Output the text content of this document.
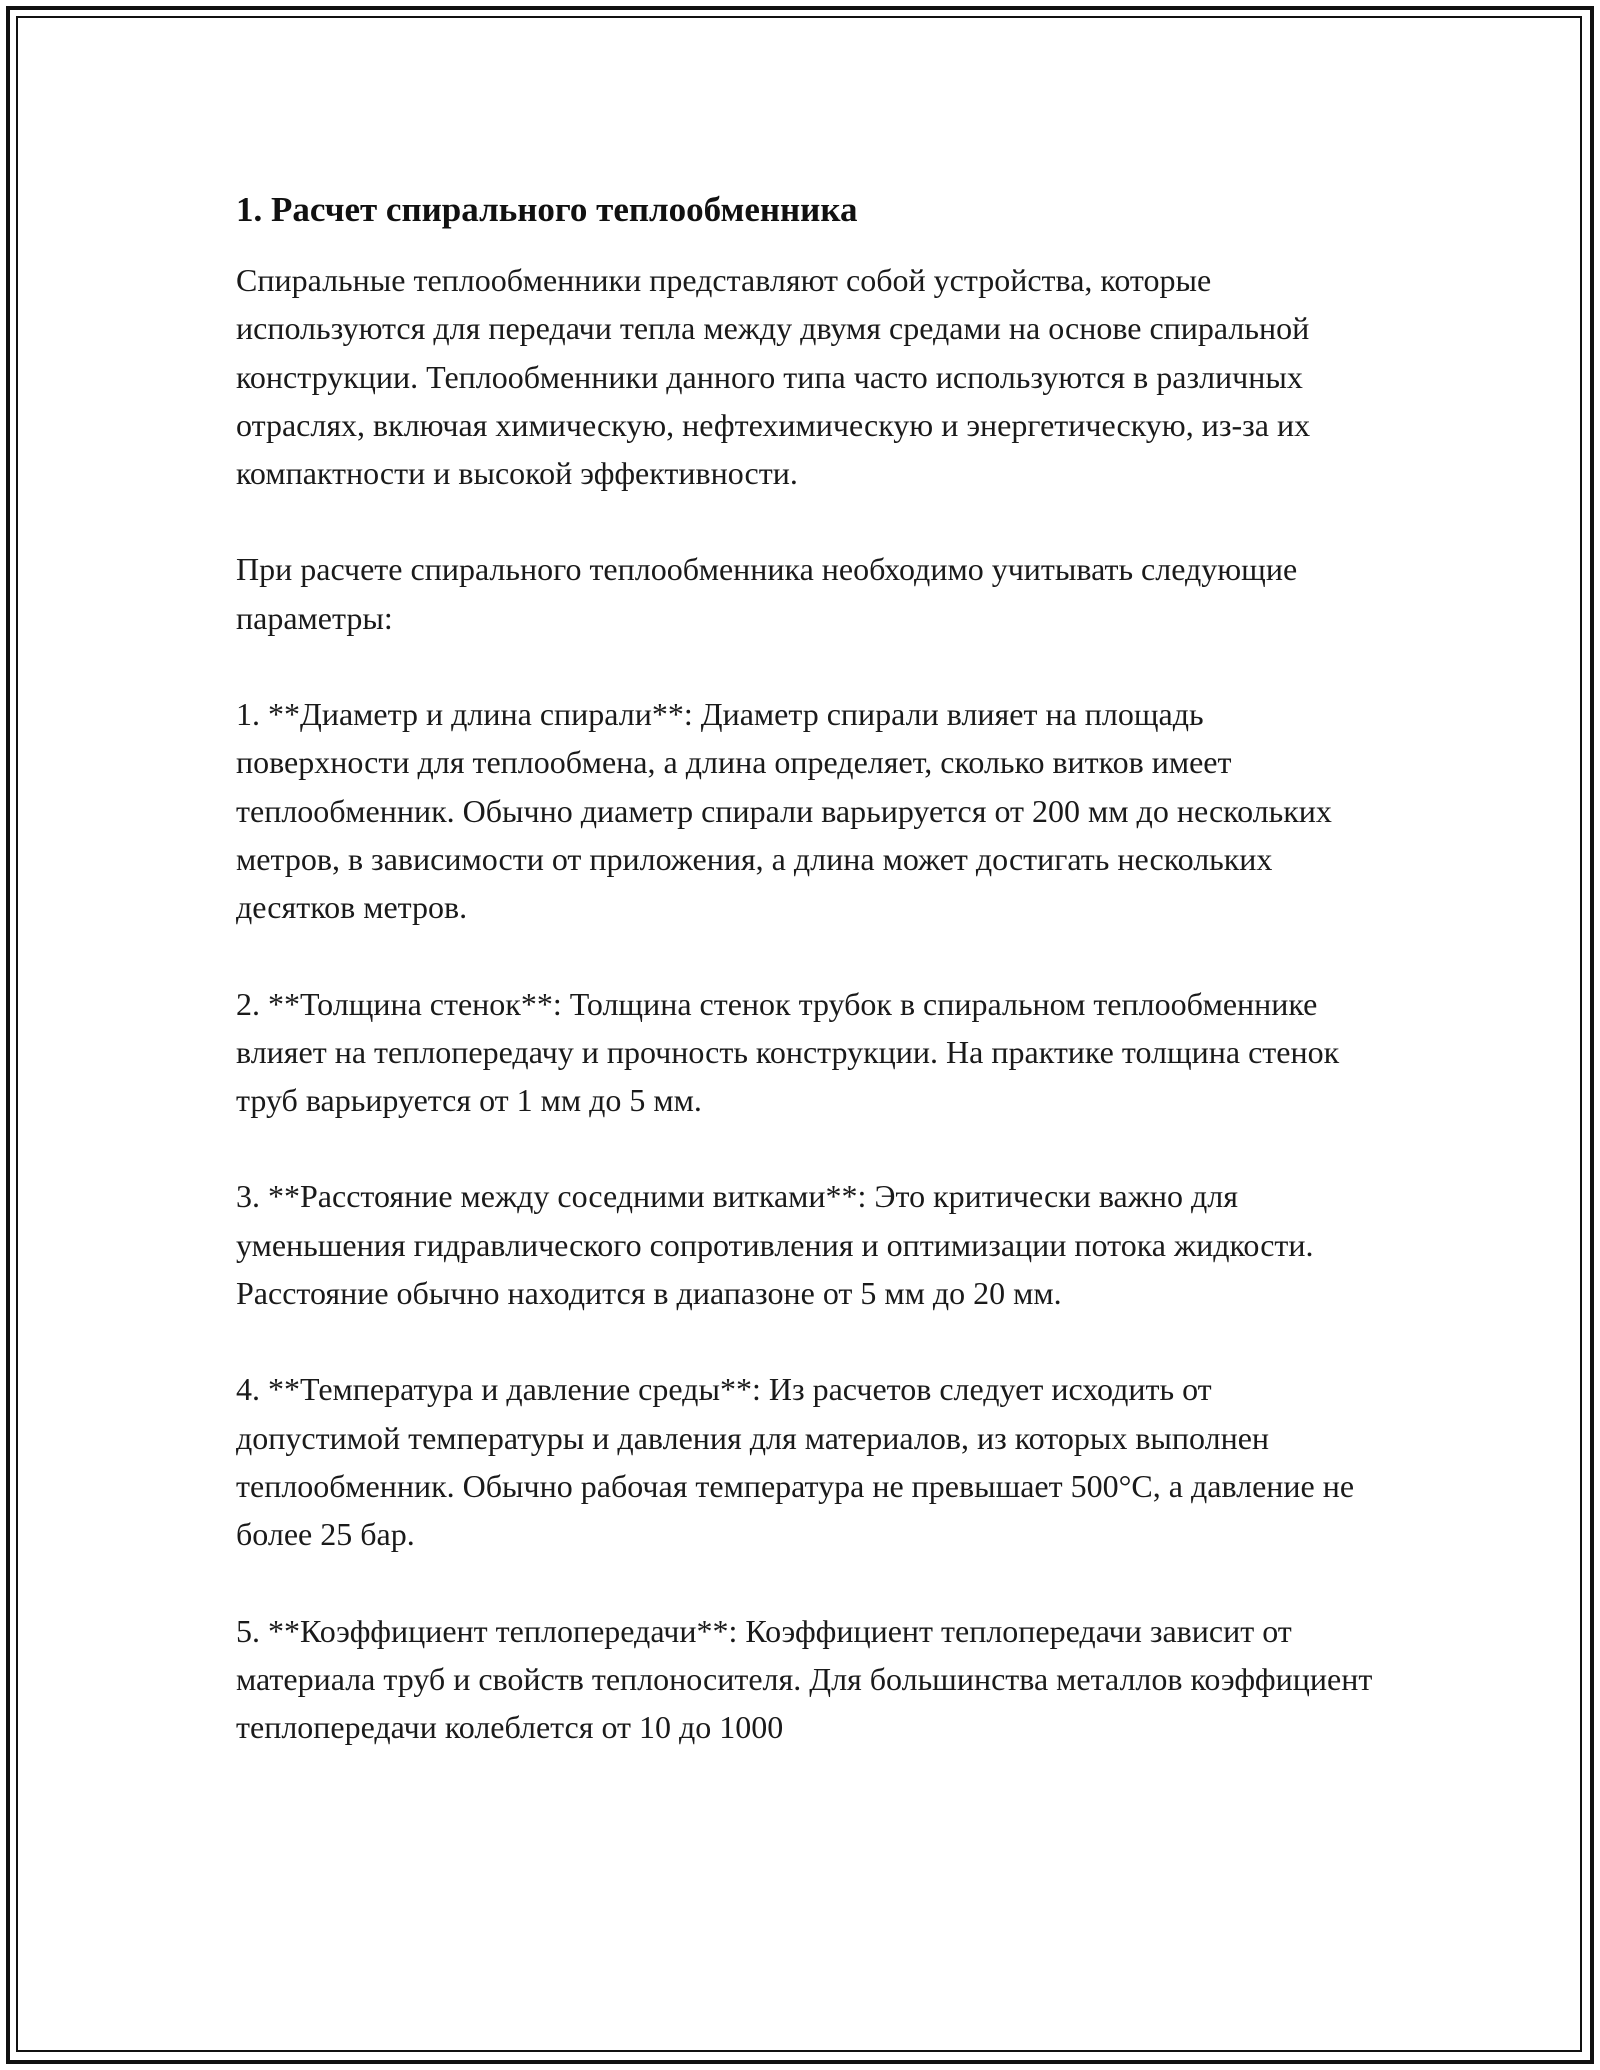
1. Расчет спирального теплообменника

Спиральные теплообменники представляют собой устройства, которые используются для передачи тепла между двумя средами на основе спиральной конструкции. Теплообменники данного типа часто используются в различных отраслях, включая химическую, нефтехимическую и энергетическую, из-за их компактности и высокой эффективности.

При расчете спирального теплообменника необходимо учитывать следующие параметры:

1. **Диаметр и длина спирали**: Диаметр спирали влияет на площадь поверхности для теплообмена, а длина определяет, сколько витков имеет теплообменник. Обычно диаметр спирали варьируется от 200 мм до нескольких метров, в зависимости от приложения, а длина может достигать нескольких десятков метров.

2. **Толщина стенок**: Толщина стенок трубок в спиральном теплообменнике влияет на теплопередачу и прочность конструкции. На практике толщина стенок труб варьируется от 1 мм до 5 мм.

3. **Расстояние между соседними витками**: Это критически важно для уменьшения гидравлического сопротивления и оптимизации потока жидкости. Расстояние обычно находится в диапазоне от 5 мм до 20 мм.

4. **Температура и давление среды**: Из расчетов следует исходить от допустимой температуры и давления для материалов, из которых выполнен теплообменник. Обычно рабочая температура не превышает 500°C, а давление не более 25 бар.

5. **Коэффициент теплопередачи**: Коэффициент теплопередачи зависит от материала труб и свойств теплоносителя. Для большинства металлов коэффициент теплопередачи колеблется от 10 до 1000
